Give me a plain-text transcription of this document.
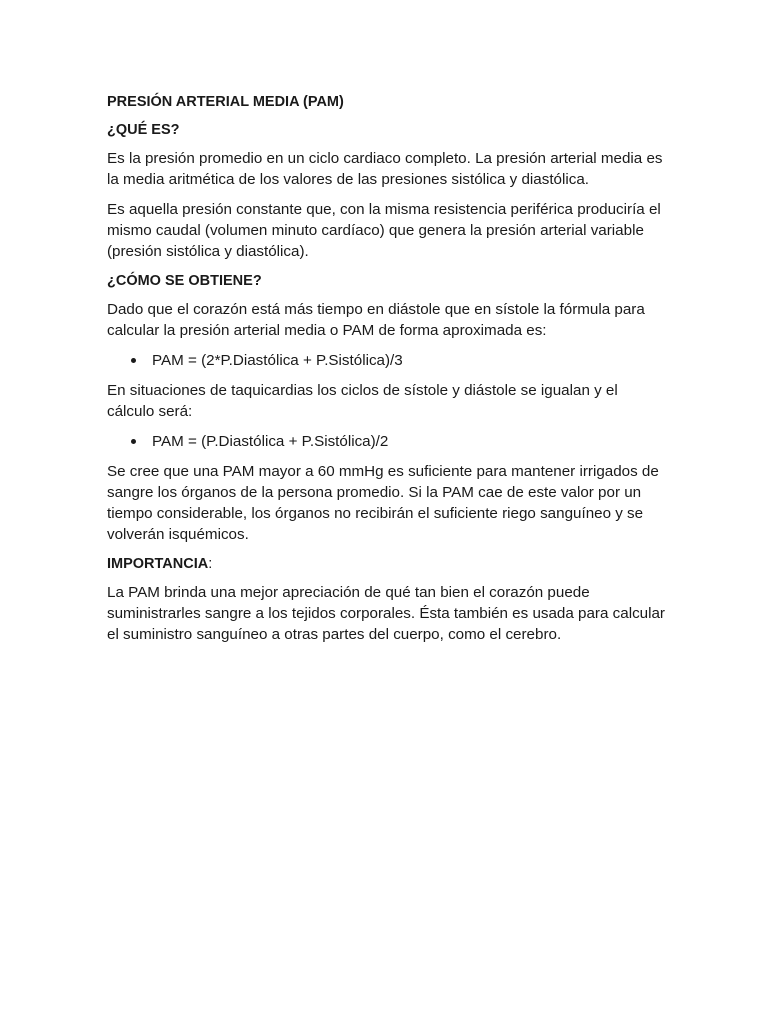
PRESIÓN ARTERIAL MEDIA (PAM)
¿QUÉ ES?

Es la presión promedio en un ciclo cardiaco completo. La presión arterial media es la media aritmética de los valores de las presiones sistólica y diastólica.

Es aquella presión constante que, con la misma resistencia periférica produciría el mismo caudal (volumen minuto cardíaco) que genera la presión arterial variable (presión sistólica y diastólica).

¿CÓMO SE OBTIENE?

Dado que el corazón está más tiempo en diástole que en sístole la fórmula para calcular la presión arterial media o PAM de forma aproximada es:

PAM = (2*P.Diastólica + P.Sistólica)/3

En situaciones de taquicardias los ciclos de sístole y diástole se igualan y el cálculo será:

PAM = (P.Diastólica + P.Sistólica)/2

Se cree que una PAM mayor a 60 mmHg es suficiente para mantener irrigados de sangre los órganos de la persona promedio. Si la PAM cae de este valor por un tiempo considerable, los órganos no recibirán el suficiente riego sanguíneo y se volverán isquémicos.

IMPORTANCIA:

La PAM brinda una mejor apreciación de qué tan bien el corazón puede suministrarles sangre a los tejidos corporales. Ésta también es usada para calcular el suministro sanguíneo a otras partes del cuerpo, como el cerebro.
